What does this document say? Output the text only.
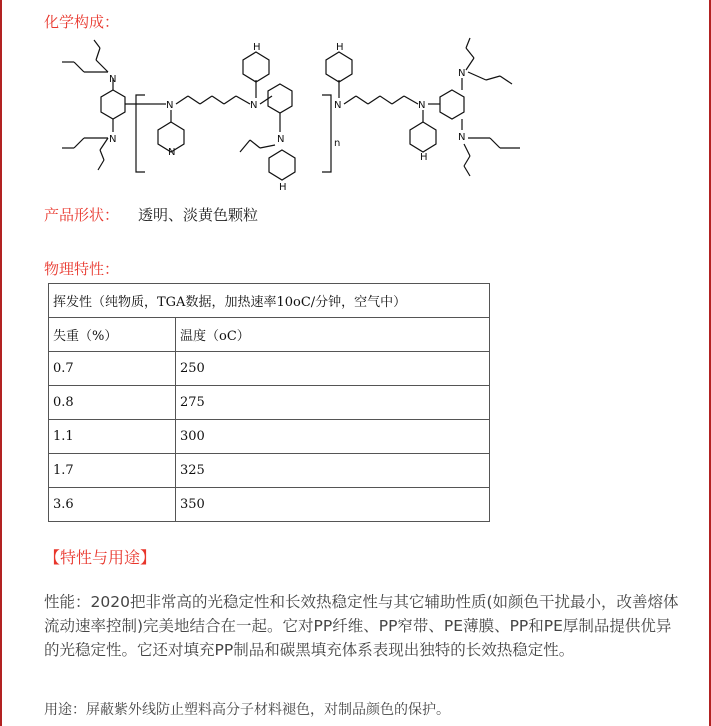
化学构成：
N
N	n
N
N
N
N
H
H	H
N	N
H
N
N
产品形状： 透明、淡黄色颗粒
物理特性：
挥发性（纯物质，TGA数据，加热速率10oC/分钟，空气中）	
失重（%）	温度（oC）
0.7	250
0.8	275
1.1	300
1.7	325
3.6	350
【特性与用途】

性能：2020把非常高的光稳定性和长效热稳定性与其它辅助性质(如颜色干扰最小，改善熔体流动速率控制)完美地结合在一起。它对PP纤维、PP窄带、PE薄膜、PP和PE厚制品提供优异的光稳定性。它还对填充PP制品和碳黑填充体系表现出独特的长效热稳定性。

用途：屏蔽紫外线防止塑料高分子材料褪色，对制品颜色的保护。
